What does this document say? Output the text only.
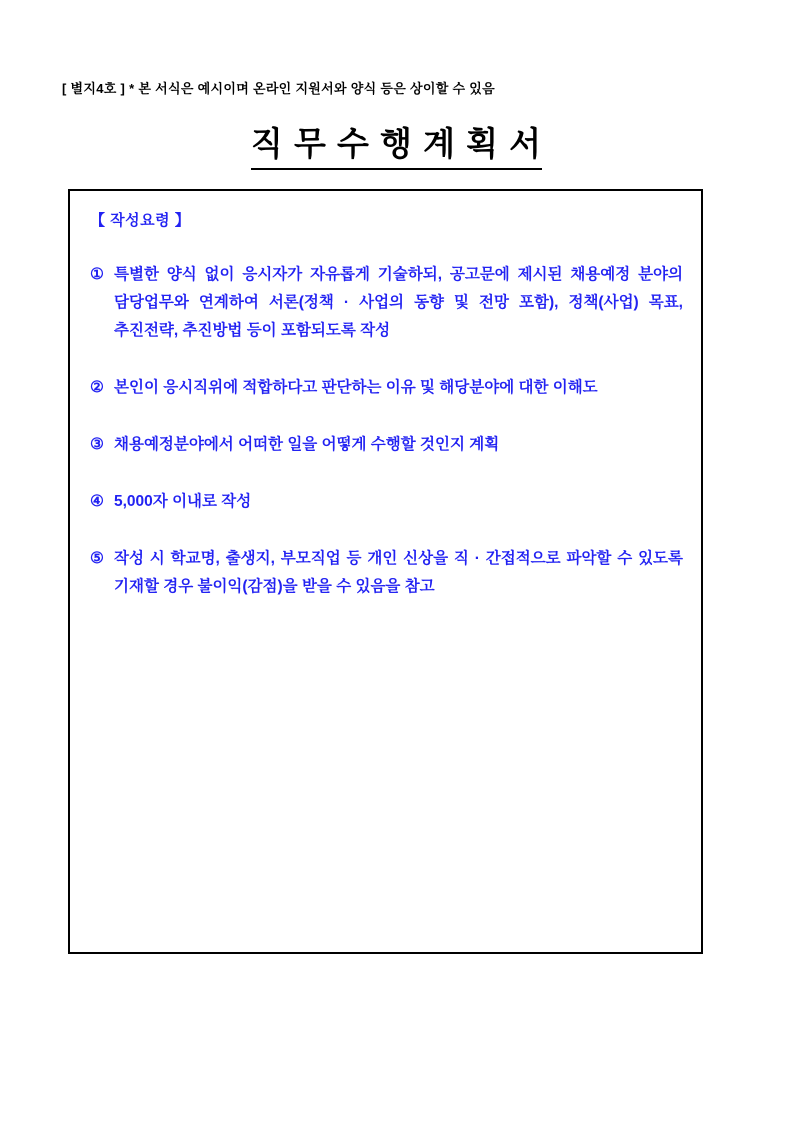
[ 별지4호 ] * 본 서식은 예시이며 온라인 지원서와 양식 등은 상이할 수 있음
직 무 수 행 계 획 서
【 작성요령 】
① 특별한 양식 없이 응시자가 자유롭게 기술하되, 공고문에 제시된 채용예정 분야의 담당업무와 연계하여 서론(정책 · 사업의 동향 및 전망 포함), 정책(사업) 목표, 추진전략, 추진방법 등이 포함되도록 작성
② 본인이 응시직위에 적합하다고 판단하는 이유 및 해당분야에 대한 이해도
③ 채용예정분야에서 어떠한 일을 어떻게 수행할 것인지 계획
④ 5,000자 이내로 작성
⑤ 작성 시 학교명, 출생지, 부모직업 등 개인 신상을 직 · 간접적으로 파악할 수 있도록 기재할 경우 불이익(감점)을 받을 수 있음을 참고
